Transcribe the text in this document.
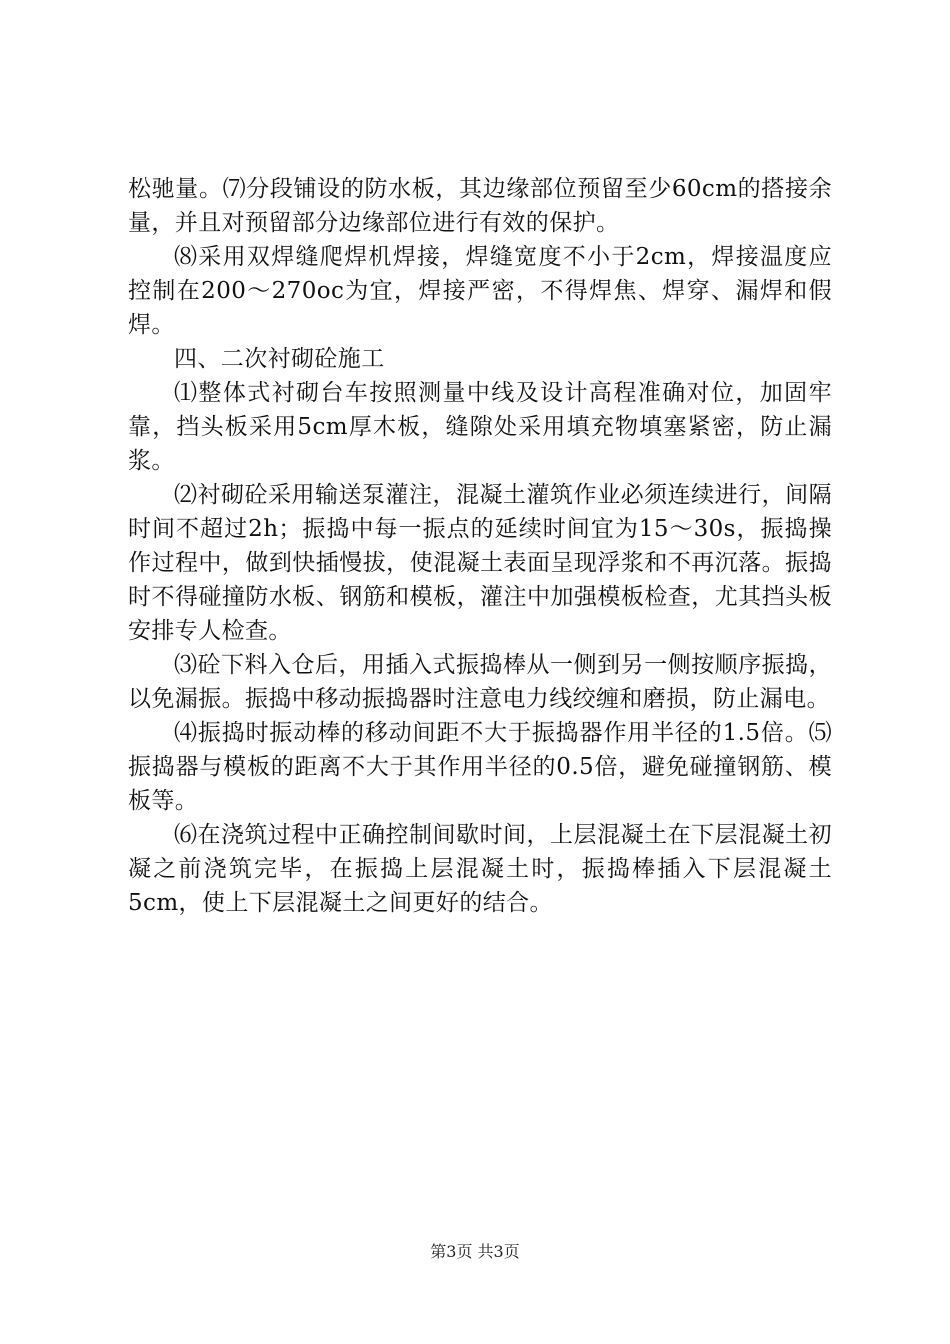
松驰量。⑺分段铺设的防水板，其边缘部位预留至少60cm的搭接余量，并且对预留部分边缘部位进行有效的保护。

⑻采用双焊缝爬焊机焊接，焊缝宽度不小于2cm，焊接温度应控制在200～270oc为宜，焊接严密，不得焊焦、焊穿、漏焊和假焊。

四、二次衬砌砼施工

⑴整体式衬砌台车按照测量中线及设计高程准确对位，加固牢靠，挡头板采用5cm厚木板，缝隙处采用填充物填塞紧密，防止漏浆。

⑵衬砌砼采用输送泵灌注，混凝土灌筑作业必须连续进行，间隔时间不超过2h；振捣中每一振点的延续时间宜为15～30s，振捣操作过程中，做到快插慢拔，使混凝土表面呈现浮浆和不再沉落。振捣时不得碰撞防水板、钢筋和模板，灌注中加强模板检查，尤其挡头板安排专人检查。

⑶砼下料入仓后，用插入式振捣棒从一侧到另一侧按顺序振捣，以免漏振。振捣中移动振捣器时注意电力线绞缠和磨损，防止漏电。

⑷振捣时振动棒的移动间距不大于振捣器作用半径的1.5倍。⑸振捣器与模板的距离不大于其作用半径的0.5倍，避免碰撞钢筋、模板等。

⑹在浇筑过程中正确控制间歇时间，上层混凝土在下层混凝土初凝之前浇筑完毕，在振捣上层混凝土时，振捣棒插入下层混凝土5cm，使上下层混凝土之间更好的结合。

第3页 共3页
